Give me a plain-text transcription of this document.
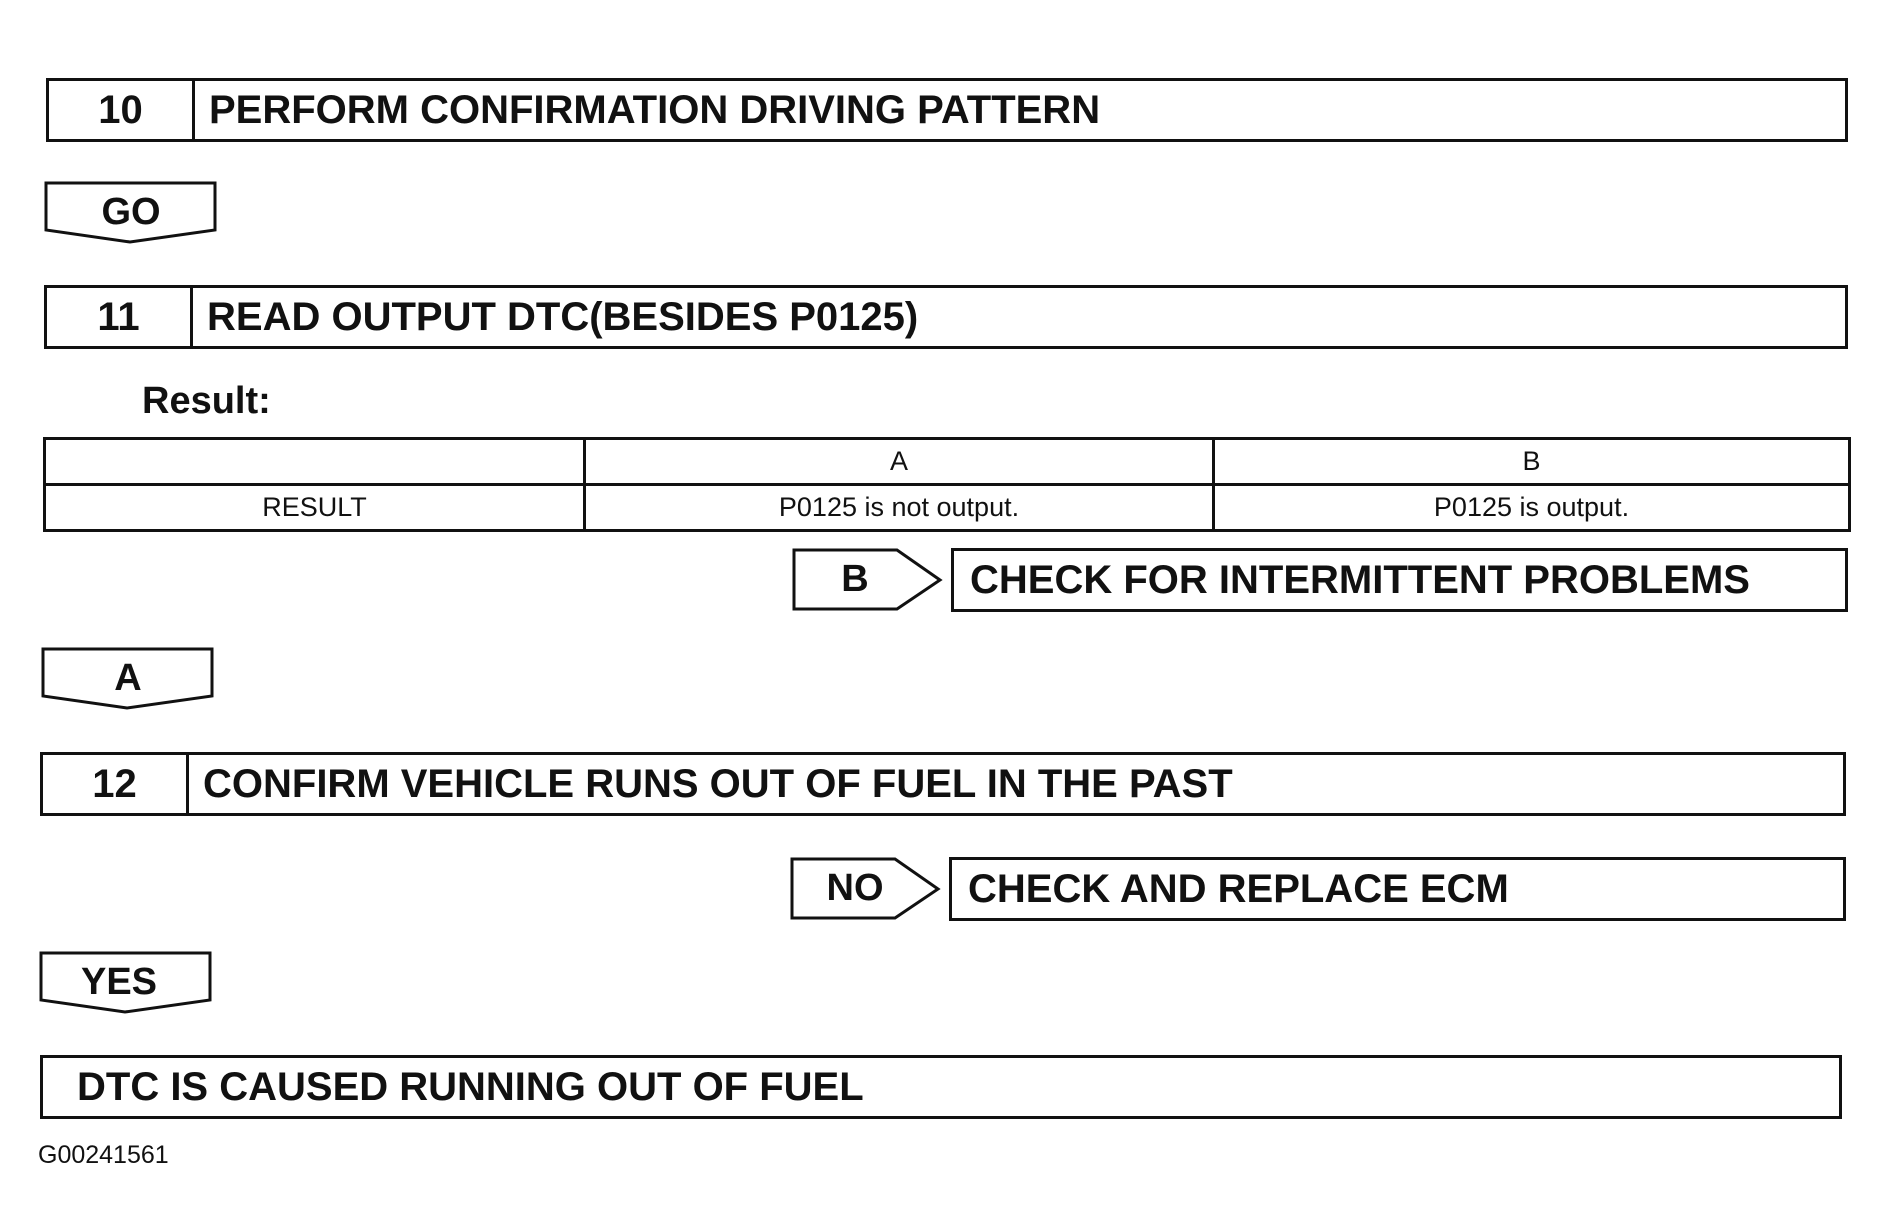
10	PERFORM CONFIRMATION DRIVING PATTERN
GO
11	READ OUTPUT DTC(BESIDES P0125)
Result:
	A	B
RESULT	P0125 is not output.	P0125 is output.
B	CHECK FOR INTERMITTENT PROBLEMS
A
12	CONFIRM VEHICLE RUNS OUT OF FUEL IN THE PAST
NO	CHECK AND REPLACE ECM
YES
DTC IS CAUSED RUNNING OUT OF FUEL
G00241561
